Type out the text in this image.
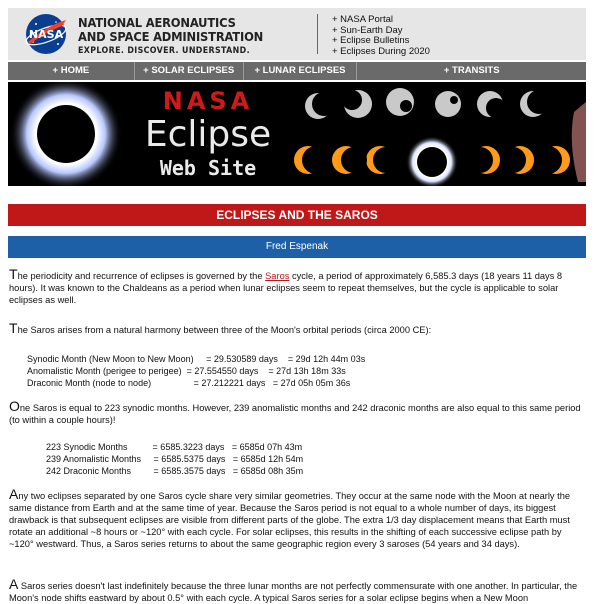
NASA
NATIONAL AERONAUTICS
AND SPACE ADMINISTRATION
EXPLORE. DISCOVER. UNDERSTAND.
+ NASA Portal
+ Sun-Earth Day
+ Eclipse Bulletins
+ Eclipses During 2020
+ HOME	+ SOLAR ECLIPSES	+ LUNAR ECLIPSES	+ TRANSITS
NASA
Eclipse
Web Site
ECLIPSES AND THE SAROS
Fred Espenak

The periodicity and recurrence of eclipses is governed by the Saros cycle, a period of approximately 6,585.3 days (18 years 11 days 8 hours). It was known to the Chaldeans as a period when lunar eclipses seem to repeat themselves, but the cycle is applicable to solar eclipses as well.

The Saros arises from a natural harmony between three of the Moon's orbital periods (circa 2000 CE):

Synodic Month (New Moon to New Moon)     = 29.530589 days    = 29d 12h 44m 03s
Anomalistic Month (perigee to perigee)  = 27.554550 days    = 27d 13h 18m 33s
Draconic Month (node to node)                 = 27.212221 days   = 27d 05h 05m 36s

One Saros is equal to 223 synodic months. However, 239 anomalistic months and 242 draconic months are also equal to this same period (to within a couple hours)!

223 Synodic Months          = 6585.3223 days   = 6585d 07h 43m
239 Anomalistic Months     = 6585.5375 days   = 6585d 12h 54m
242 Draconic Months         = 6585.3575 days   = 6585d 08h 35m

Any two eclipses separated by one Saros cycle share very similar geometries. They occur at the same node with the Moon at nearly the same distance from Earth and at the same time of year. Because the Saros period is not equal to a whole number of days, its biggest drawback is that subsequent eclipses are visible from different parts of the globe. The extra 1/3 day displacement means that Earth must rotate an additional ~8 hours or ~120° with each cycle. For solar eclipses, this results in the shifting of each successive eclipse path by ~120° westward. Thus, a Saros series returns to about the same geographic region every 3 saroses (54 years and 34 days).

A Saros series doesn't last indefinitely because the three lunar months are not perfectly commensurate with one another. In particular, the Moon's node shifts eastward by about 0.5° with each cycle. A typical Saros series for a solar eclipse begins when a New Moon
